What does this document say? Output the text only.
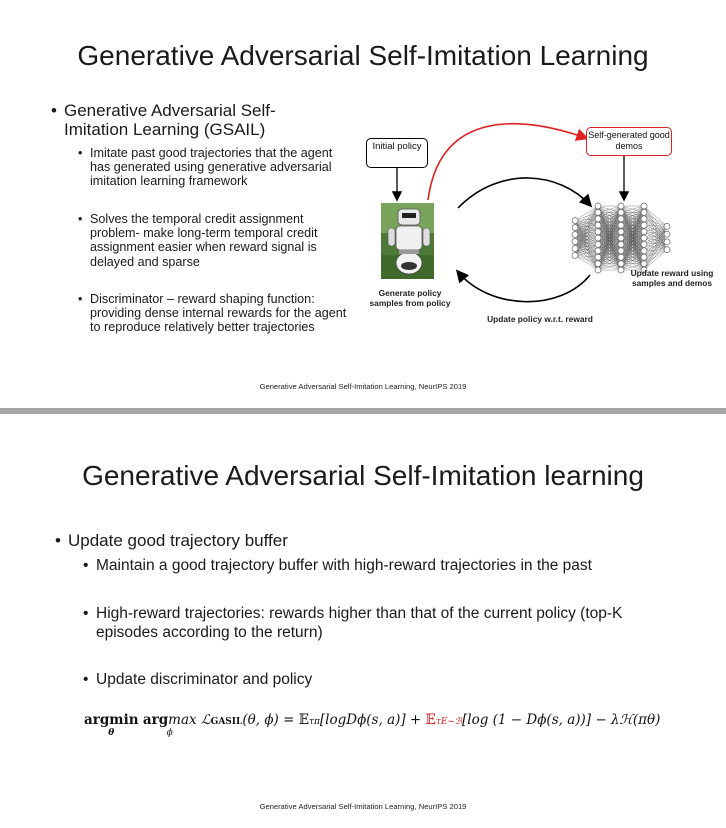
Generative Adversarial Self-Imitation Learning
• Generative Adversarial Self-Imitation Learning (GSAIL)
• Imitate past good trajectories that the agent has generated using generative adversarial imitation learning framework
• Solves the temporal credit assignment problem- make long-term temporal credit assignment easier when reward signal is delayed and sparse
• Discriminator – reward shaping function: providing dense internal rewards for the agent to reproduce relatively better trajectories
Initial policy
Self-generated good demos
Generate policy samples from policy
Update reward using samples and demos
Update policy w.r.t. reward
Generative Adversarial Self-Imitation Learning, NeurIPS 2019
Generative Adversarial Self-Imitation learning
• Update good trajectory buffer
• Maintain a good trajectory buffer with high-reward trajectories in the past
• High-reward trajectories: rewards higher than that of the current policy (top-K episodes according to the return)
• Update discriminator and policy
argmin
θ
argmax
ϕ
ℒGASIL(θ, ϕ) = 𝔼τπ[logDϕ(s, a)] + 𝔼τE~ℬ[log (1 − Dϕ(s, a))] − λℋ(πθ)
Generative Adversarial Self-Imitation Learning, NeurIPS 2019
